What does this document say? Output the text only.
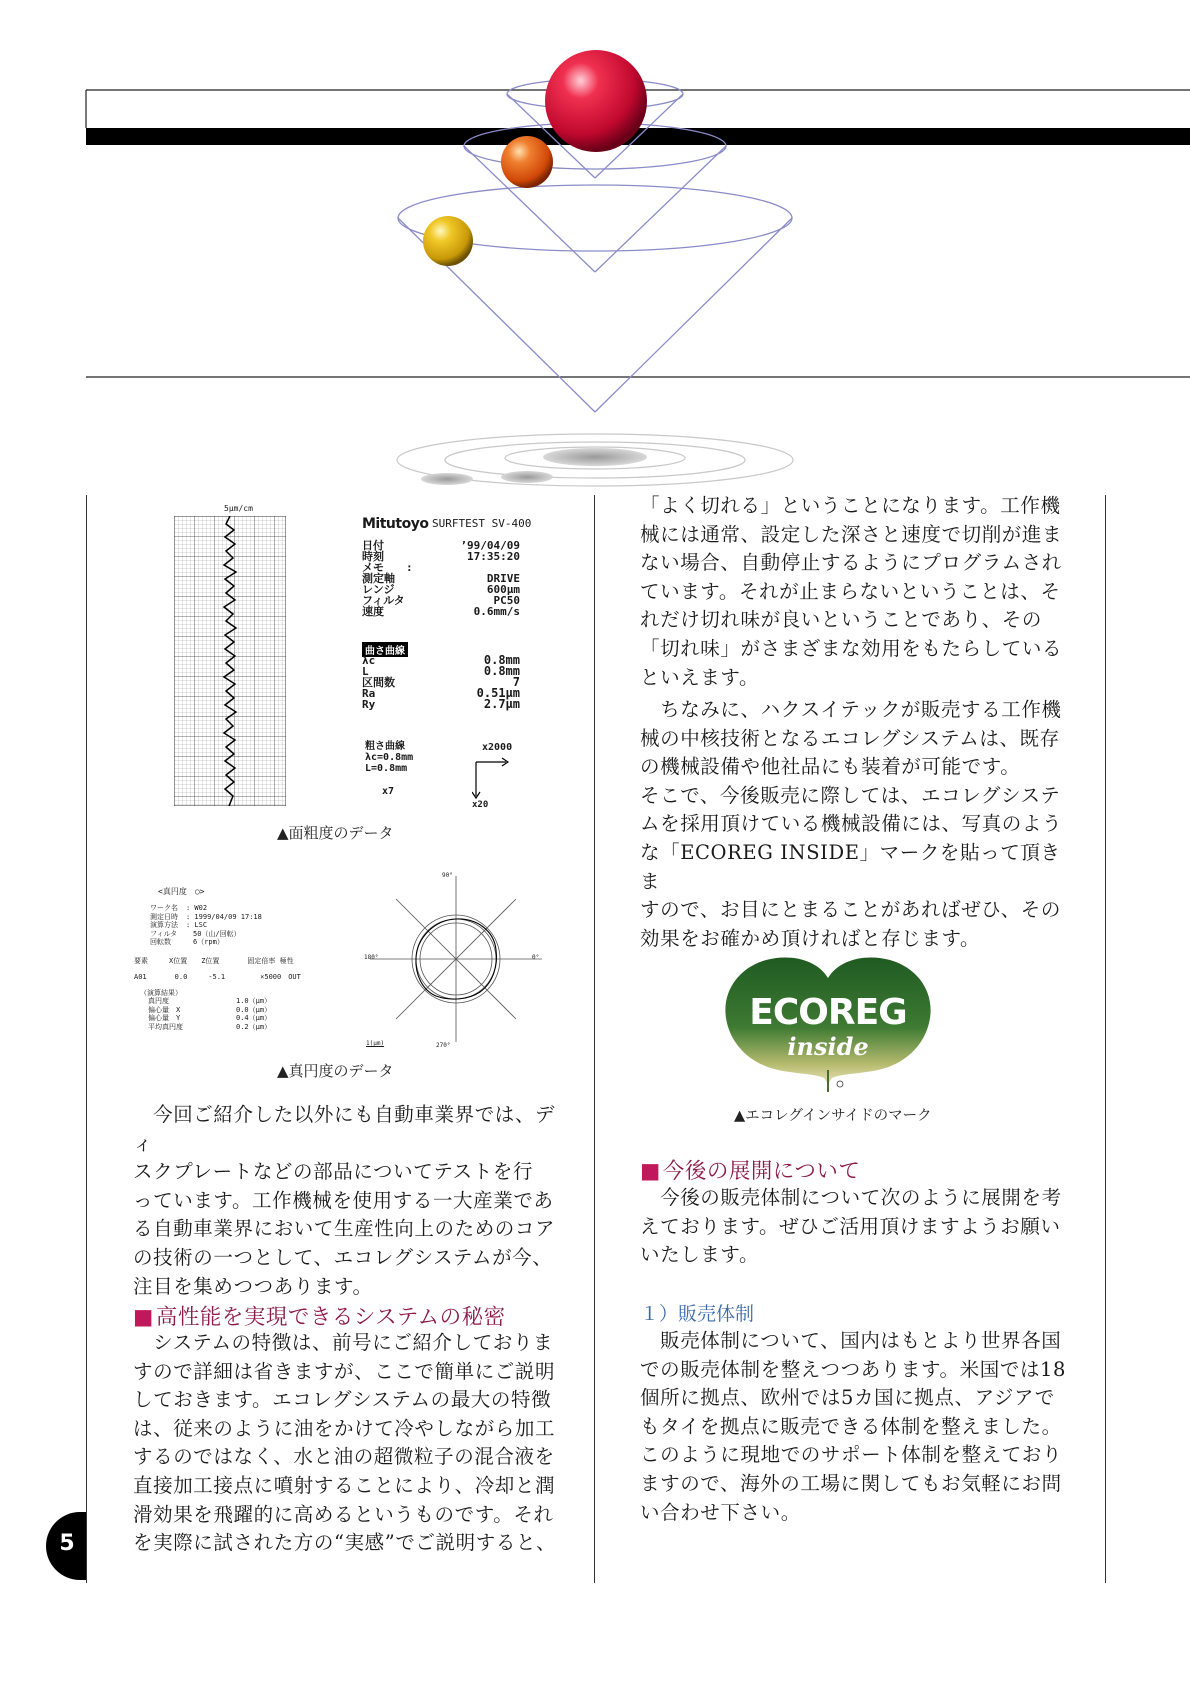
5
5μm/cm
Mitutoyo SURFTEST SV-400
日付
時刻
メモ　　:
測定軸
レンジ
フィルタ
速度
’99/04/09
17:35:20

DRIVE
600μm
PC50
0.6mm/s
曲さ曲線
λc
L
区間数
Ra
Ry
0.8mm
0.8mm
7
0.51μm
2.7μm
粗さ曲線
λc=0.8mm
L=0.8mm
x2000
x20
x7
▲面粗度のデータ
<真円度　○>
ワーク名
測定日時
演算方法
フィルタ
回転数
: W02
: 1999/04/09 17:18
: LSC
　50（山/回転）
　6（rpm）
要素　　　X位置　　Z位置　　　　固定倍率 極性
A01　　　　0.0　　　-5.1　　　　　×5000　OUT
（演算結果）
真円度
偏心量　X
偏心量　Y
平均真円度
1.0（μm）
0.0（μm）
0.4（μm）
0.2（μm）
90°
180°	0°
270°
1(μm)
▲真円度のデータ

　今回ご紹介した以外にも自動車業界では、ディ
スクプレートなどの部品についてテストを行
っています。工作機械を使用する一大産業であ
る自動車業界において生産性向上のためのコア
の技術の一つとして、エコレグシステムが今、
注目を集めつつあります。

■高性能を実現できるシステムの秘密

　システムの特徴は、前号にご紹介しておりま
すので詳細は省きますが、ここで簡単にご説明
しておきます。エコレグシステムの最大の特徴
は、従来のように油をかけて冷やしながら加工
するのではなく、水と油の超微粒子の混合液を
直接加工接点に噴射することにより、冷却と潤
滑効果を飛躍的に高めるというものです。それ
を実際に試された方の“実感”でご説明すると、

「よく切れる」ということになります。工作機
械には通常、設定した深さと速度で切削が進ま
ない場合、自動停止するようにプログラムされ
ています。それが止まらないということは、そ
れだけ切れ味が良いということであり、その
「切れ味」がさまざまな効用をもたらしている
といえます。

　ちなみに、ハクスイテックが販売する工作機
械の中核技術となるエコレグシステムは、既存
の機械設備や他社品にも装着が可能です。
そこで、今後販売に際しては、エコレグシステ
ムを採用頂けている機械設備には、写真のよう
な「ECOREG INSIDE」マークを貼って頂きま
すので、お目にとまることがあればぜひ、その
効果をお確かめ頂ければと存じます。

ECOREG
inside
▲エコレグインサイドのマーク
■今後の展開について

　今後の販売体制について次のように展開を考
えております。ぜひご活用頂けますようお願い
いたします。

１）販売体制

　販売体制について、国内はもとより世界各国
での販売体制を整えつつあります。米国では18
個所に拠点、欧州では5カ国に拠点、アジアで
もタイを拠点に販売できる体制を整えました。
このように現地でのサポート体制を整えており
ますので、海外の工場に関してもお気軽にお問
い合わせ下さい。
